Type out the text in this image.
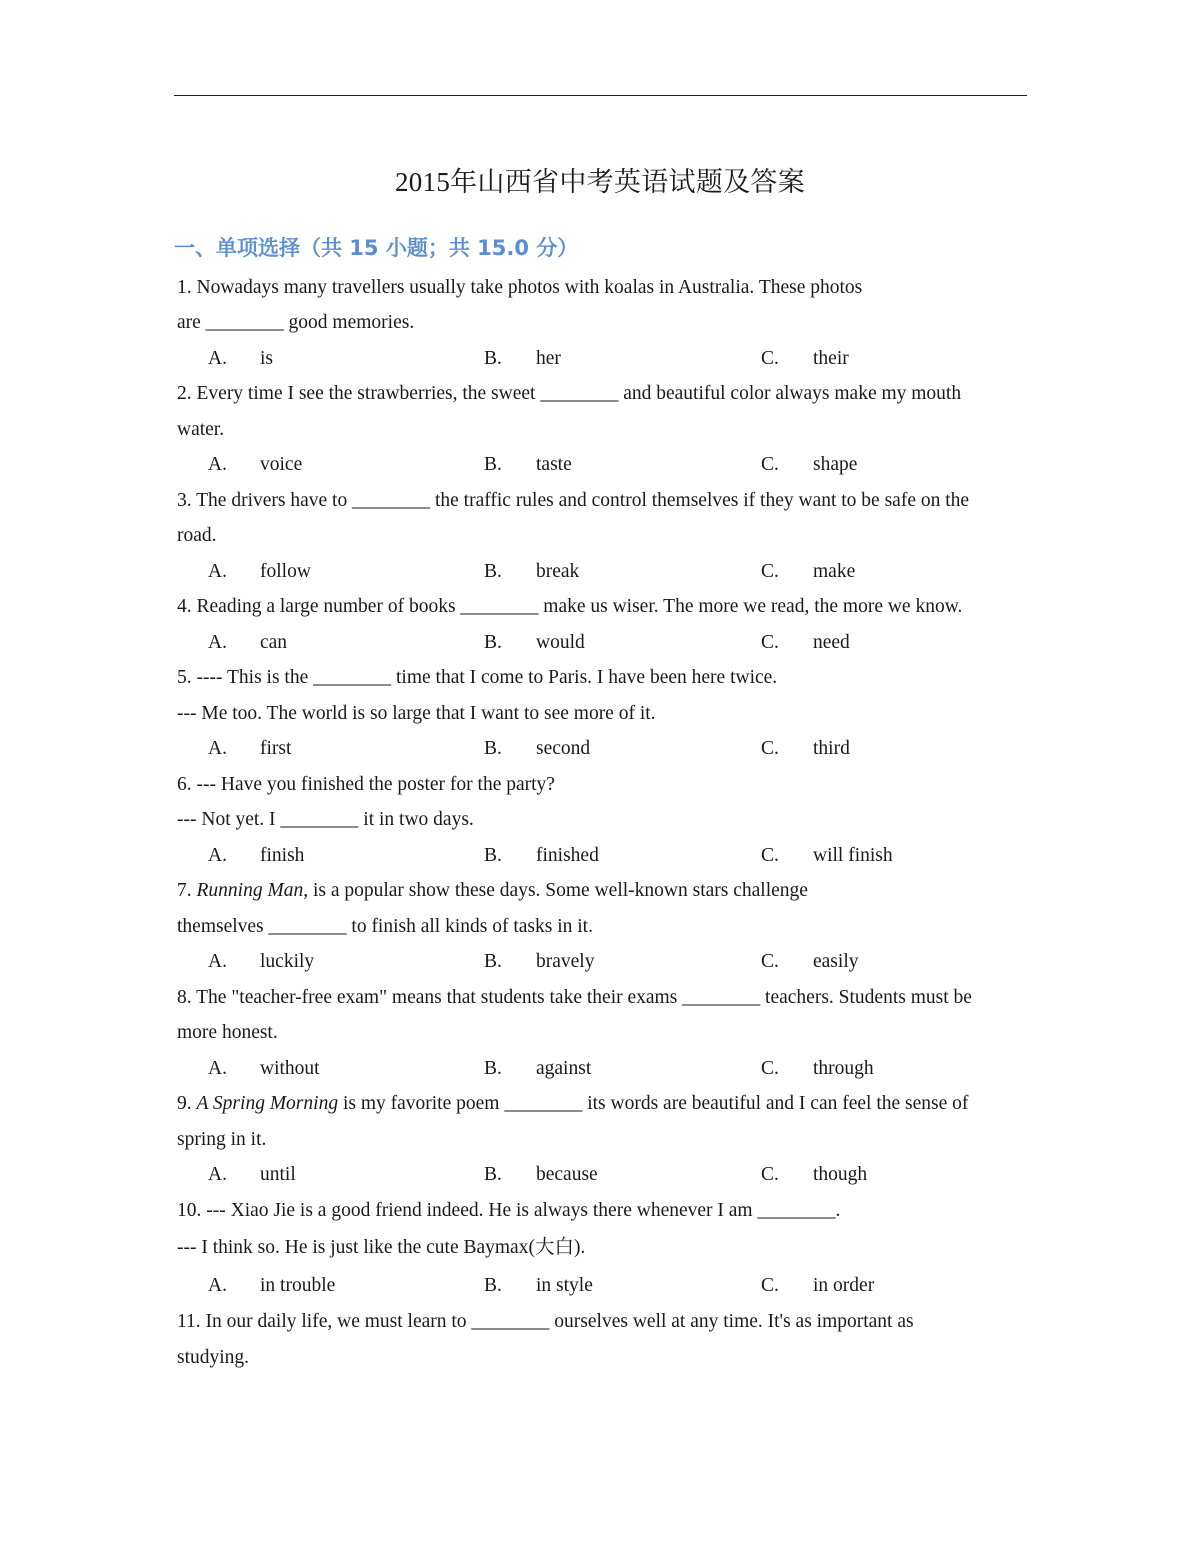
2015年山西省中考英语试题及答案
一、单项选择（共 15 小题；共 15.0 分）
1. Nowadays many travellers usually take photos with koalas in Australia. These photos
are ________ good memories.
A. is	B. her	C. their
2. Every time I see the strawberries, the sweet ________ and beautiful color always make my mouth
water.
A. voice	B. taste	C. shape
3. The drivers have to ________ the traffic rules and control themselves if they want to be safe on the
road.
A. follow	B. break	C. make
4. Reading a large number of books ________ make us wiser. The more we read, the more we know.
A. can	B. would	C. need
5. ---- This is the ________ time that I come to Paris. I have been here twice.
--- Me too. The world is so large that I want to see more of it.
A. first	B. second	C. third
6. --- Have you finished the poster for the party?
--- Not yet. I ________ it in two days.
A. finish	B. finished	C. will finish
7. Running Man, is a popular show these days. Some well-known stars challenge
themselves ________ to finish all kinds of tasks in it.
A. luckily	B. bravely	C. easily
8. The "teacher-free exam" means that students take their exams ________ teachers. Students must be
more honest.
A. without	B. against	C. through
9. A Spring Morning is my favorite poem ________ its words are beautiful and I can feel the sense of
spring in it.
A. until	B. because	C. though
10. --- Xiao Jie is a good friend indeed. He is always there whenever I am ________.
--- I think so. He is just like the cute Baymax(大白).
A. in trouble	B. in style	C. in order
11. In our daily life, we must learn to ________ ourselves well at any time. It's as important as
studying.
